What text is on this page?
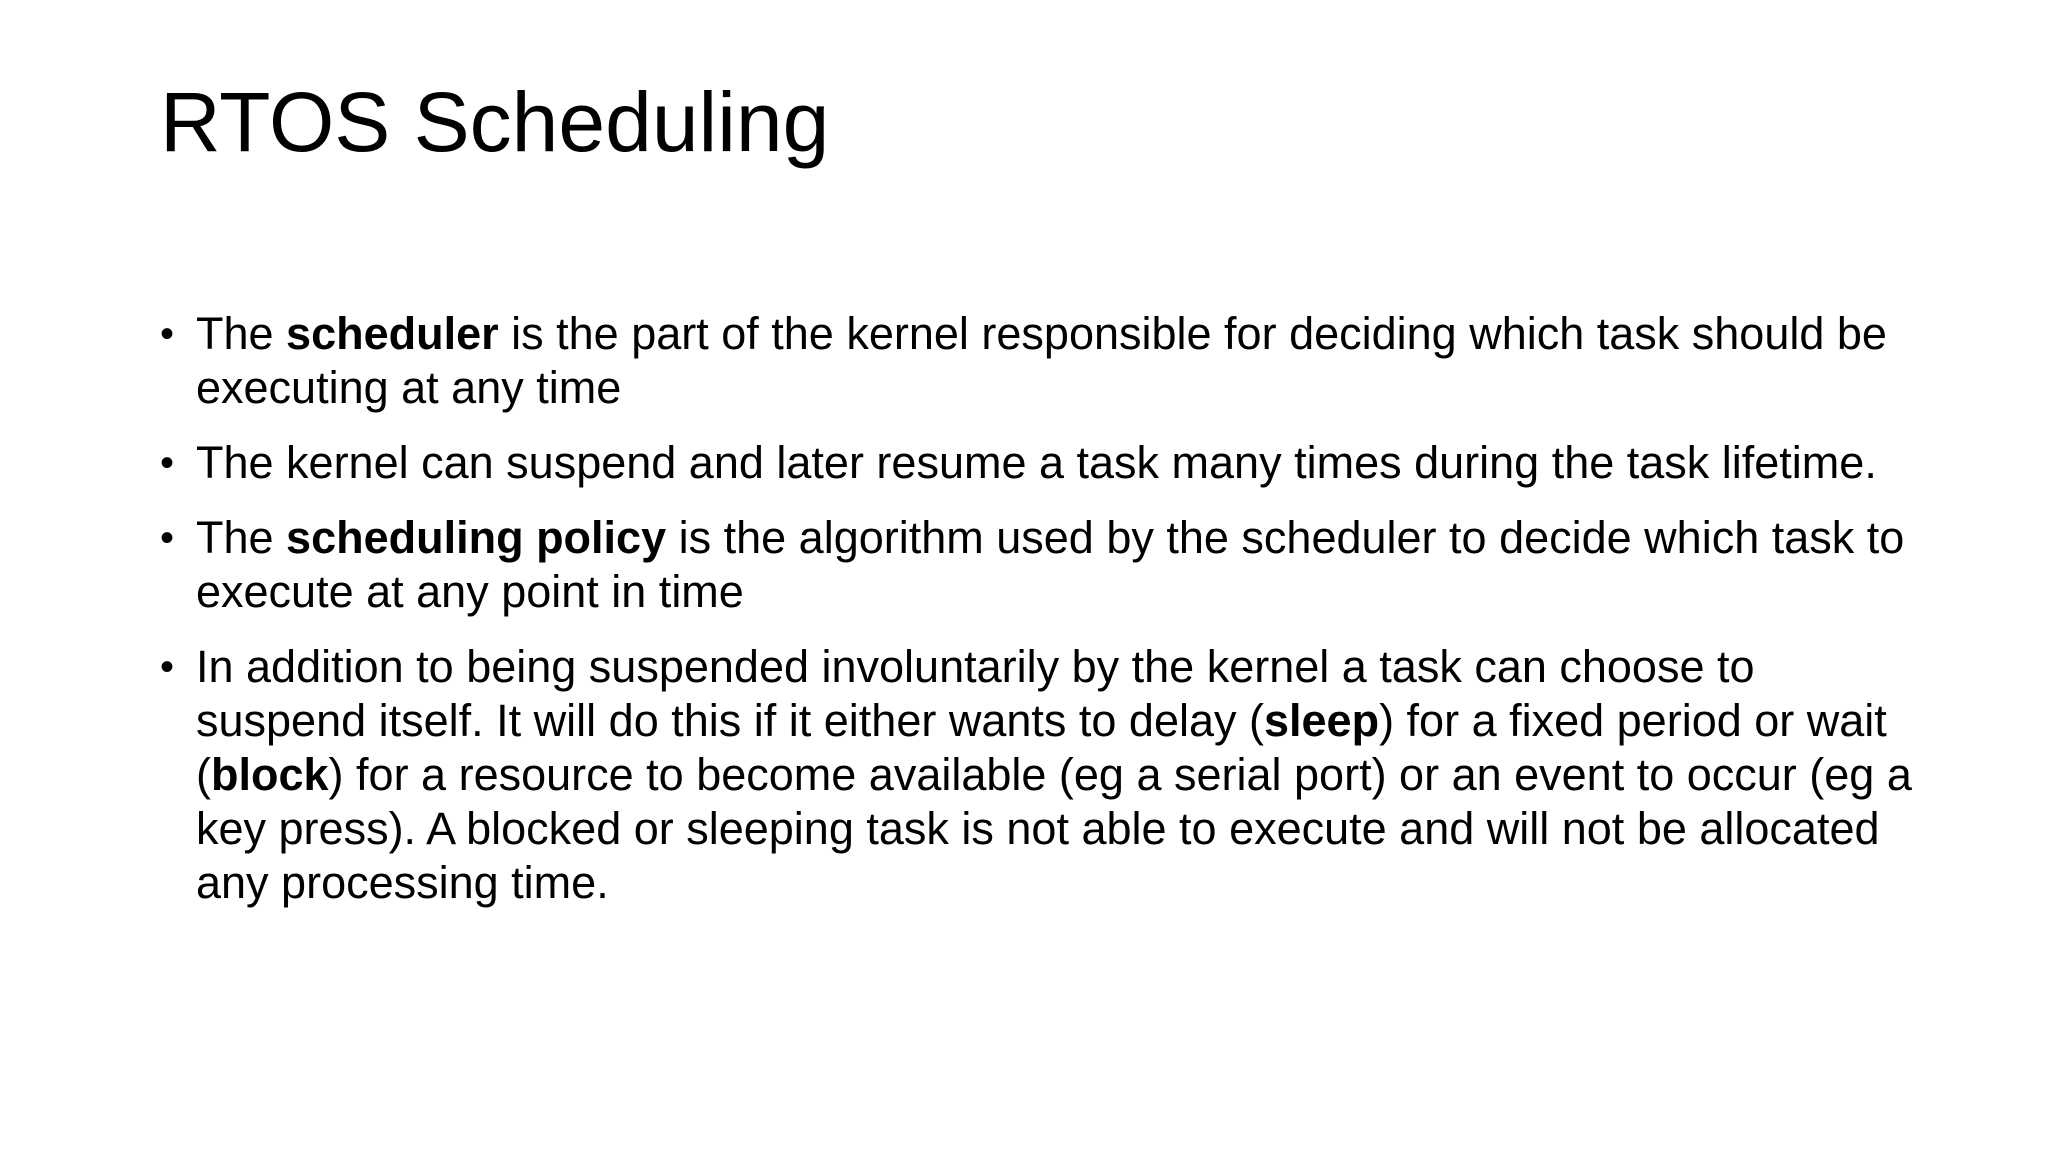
RTOS Scheduling
• The scheduler is the part of the kernel responsible for deciding which task should be executing at any time
• The kernel can suspend and later resume a task many times during the task lifetime.
• The scheduling policy is the algorithm used by the scheduler to decide which task to execute at any point in time
• In addition to being suspended involuntarily by the kernel a task can choose to suspend itself. It will do this if it either wants to delay (sleep) for a fixed period or wait (block) for a resource to become available (eg a serial port) or an event to occur (eg a key press). A blocked or sleeping task is not able to execute and will not be allocated any processing time.
